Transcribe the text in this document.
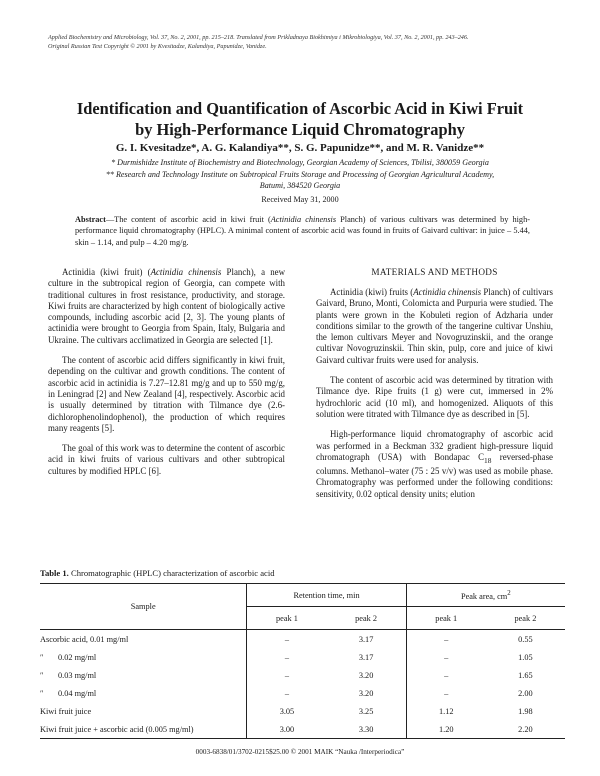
Applied Biochemistry and Microbiology, Vol. 37, No. 2, 2001, pp. 215–218. Translated from Prikladnaya Biokhimiya i Mikrobiologiya, Vol. 37, No. 2, 2001, pp. 243–246.
Original Russian Text Copyright © 2001 by Kvesitadze, Kalandiya, Papunidze, Vanidze.
Identification and Quantification of Ascorbic Acid in Kiwi Fruit
by High-Performance Liquid Chromatography
G. I. Kvesitadze*, A. G. Kalandiya**, S. G. Papunidze**, and M. R. Vanidze**
* Durmishidze Institute of Biochemistry and Biotechnology, Georgian Academy of Sciences, Tbilisi, 380059 Georgia
** Research and Technology Institute on Subtropical Fruits Storage and Processing of Georgian Agricultural Academy,
Batumi, 384520 Georgia
Received May 31, 2000
Abstract—The content of ascorbic acid in kiwi fruit (Actinidia chinensis Planch) of various cultivars was determined by high-performance liquid chromatography (HPLC). A minimal content of ascorbic acid was found in fruits of Gaivard cultivar: in juice – 5.44, skin – 1.14, and pulp – 4.20 mg/g.

Actinidia (kiwi fruit) (Actinidia chinensis Planch), a new culture in the subtropical region of Georgia, can compete with traditional cultures in frost resistance, productivity, and storage. Kiwi fruits are characterized by high content of biologically active compounds, including ascorbic acid [2, 3]. The young plants of actinidia were brought to Georgia from Spain, Italy, Bulgaria and Ukraine. The cultivars acclimatized in Georgia are selected [1].

The content of ascorbic acid differs significantly in kiwi fruit, depending on the cultivar and growth conditions. The content of ascorbic acid in actinidia is 7.27–12.81 mg/g and up to 550 mg/g, in Leningrad [2] and New Zealand [4], respectively. Ascorbic acid is usually determined by titration with Tilmance dye (2.6-dichlorophenolindophenol), the production of which requires many reagents [5].

The goal of this work was to determine the content of ascorbic acid in kiwi fruits of various cultivars and other subtropical cultures by modified HPLC [6].

MATERIALS AND METHODS

Actinidia (kiwi) fruits (Actinidia chinensis Planch) of cultivars Gaivard, Bruno, Monti, Colomicta and Purpuria were studied. The plants were grown in the Kobuleti region of Adzharia under conditions similar to the growth of the tangerine cultivar Unshiu, the lemon cultivars Meyer and Novogruzinskii, and the orange cultivar Novogruzinskii. Thin skin, pulp, core and juice of kiwi Gaivard cultivar fruits were used for analysis.

The content of ascorbic acid was determined by titration with Tilmance dye. Ripe fruits (1 g) were cut, immersed in 2% hydrochloric acid (10 ml), and homogenized. Aliquots of this solution were titrated with Tilmance dye as described in [5].

High-performance liquid chromatography of ascorbic acid was performed in a Beckman 332 gradient high-pressure liquid chromatograph (USA) with Bondapac $C_{18}$ reversed-phase columns. Methanol–water (75 : 25 v/v) was used as mobile phase. Chromatography was performed under the following conditions: sensitivity, 0.02 optical density units; elution

Table 1. Chromatographic (HPLC) characterization of ascorbic acid
Sample	Retention time, min		Peak area, $cm^2$
	peak 1	peak 2	peak 1	peak 2
Ascorbic acid, 0.01 mg/ml	–	3.17	–	0.55
″       0.02 mg/ml	–	3.17	–	1.05
″       0.03 mg/ml	–	3.20	–	1.65
″       0.04 mg/ml	–	3.20	–	2.00
Kiwi fruit juice	3.05	3.25	1.12	1.98
Kiwi fruit juice + ascorbic acid (0.005 mg/ml)	3.00	3.30	1.20	2.20
0003-6838/01/3702-0215$25.00 © 2001 MAIK “Nauka /Interperiodica”
